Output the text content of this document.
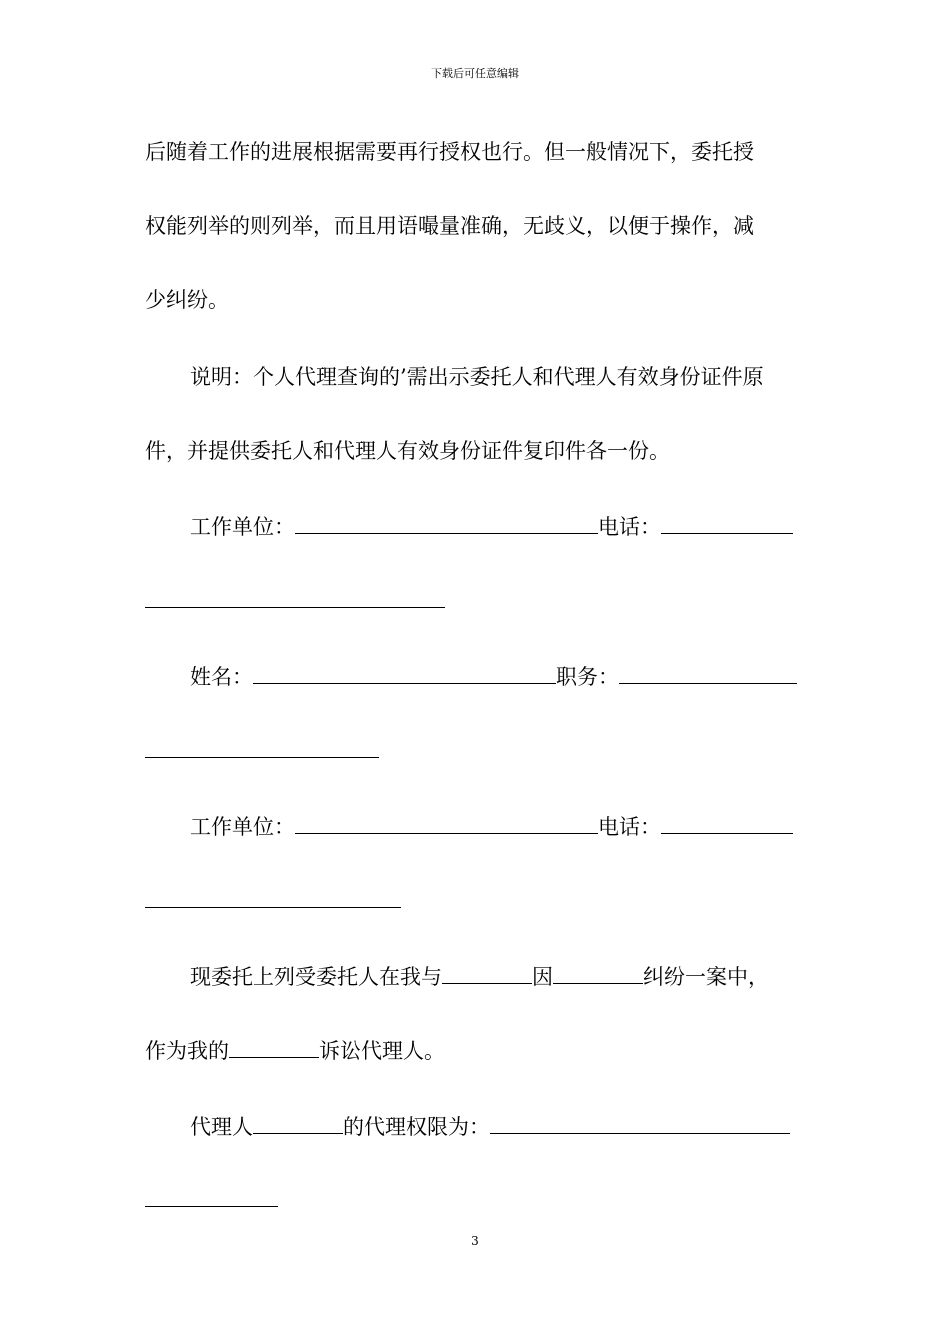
下载后可任意编辑
后随着工作的进展根据需要再行授权也行。但一般情况下，委托授
权能列举的则列举，而且用语嘬量准确，无歧义，以便于操作，减
少纠纷。
说明：个人代理查询的’需出示委托人和代理人有效身份证件原
件，并提供委托人和代理人有效身份证件复印件各一份。
工作单位：	电话：
姓名：	职务：
工作单位：	电话：
现委托上列受委托人在我与	因	纠纷一案中，
作为我的	诉讼代理人。
代理人	的代理权限为：
3
